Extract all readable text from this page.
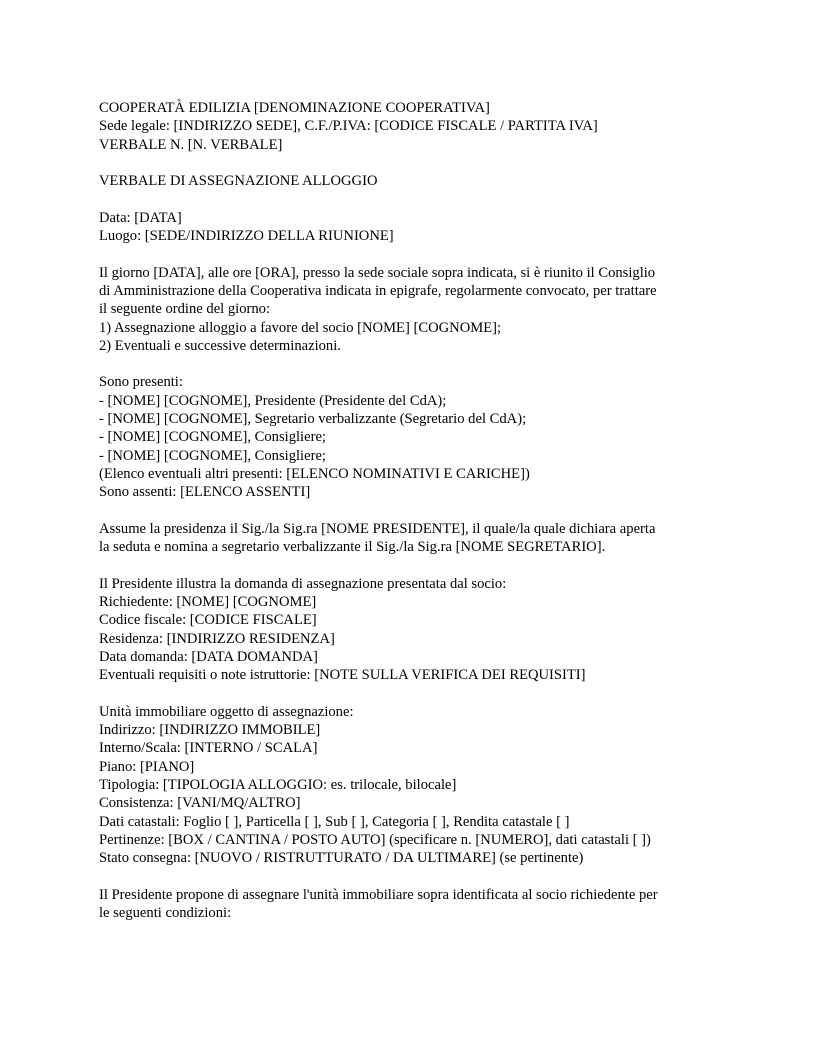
COOPERATÀ EDILIZIA [DENOMINAZIONE COOPERATIVA]
Sede legale: [INDIRIZZO SEDE], C.F./P.IVA: [CODICE FISCALE / PARTITA IVA]
VERBALE N. [N. VERBALE]
VERBALE DI ASSEGNAZIONE ALLOGGIO
Data: [DATA]
Luogo: [SEDE/INDIRIZZO DELLA RIUNIONE]
Il giorno [DATA], alle ore [ORA], presso la sede sociale sopra indicata, si è riunito il Consiglio
di Amministrazione della Cooperativa indicata in epigrafe, regolarmente convocato, per trattare
il seguente ordine del giorno:
1) Assegnazione alloggio a favore del socio [NOME] [COGNOME];
2) Eventuali e successive determinazioni.
Sono presenti:
- [NOME] [COGNOME], Presidente (Presidente del CdA);
- [NOME] [COGNOME], Segretario verbalizzante (Segretario del CdA);
- [NOME] [COGNOME], Consigliere;
- [NOME] [COGNOME], Consigliere;
(Elenco eventuali altri presenti: [ELENCO NOMINATIVI E CARICHE])
Sono assenti: [ELENCO ASSENTI]
Assume la presidenza il Sig./la Sig.ra [NOME PRESIDENTE], il quale/la quale dichiara aperta
la seduta e nomina a segretario verbalizzante il Sig./la Sig.ra [NOME SEGRETARIO].
Il Presidente illustra la domanda di assegnazione presentata dal socio:
Richiedente: [NOME] [COGNOME]
Codice fiscale: [CODICE FISCALE]
Residenza: [INDIRIZZO RESIDENZA]
Data domanda: [DATA DOMANDA]
Eventuali requisiti o note istruttorie: [NOTE SULLA VERIFICA DEI REQUISITI]
Unità immobiliare oggetto di assegnazione:
Indirizzo: [INDIRIZZO IMMOBILE]
Interno/Scala: [INTERNO / SCALA]
Piano: [PIANO]
Tipologia: [TIPOLOGIA ALLOGGIO: es. trilocale, bilocale]
Consistenza: [VANI/MQ/ALTRO]
Dati catastali: Foglio [ ], Particella [ ], Sub [ ], Categoria [ ], Rendita catastale [ ]
Pertinenze: [BOX / CANTINA / POSTO AUTO] (specificare n. [NUMERO], dati catastali [ ])
Stato consegna: [NUOVO / RISTRUTTURATO / DA ULTIMARE] (se pertinente)
Il Presidente propone di assegnare l'unità immobiliare sopra identificata al socio richiedente per
le seguenti condizioni:
